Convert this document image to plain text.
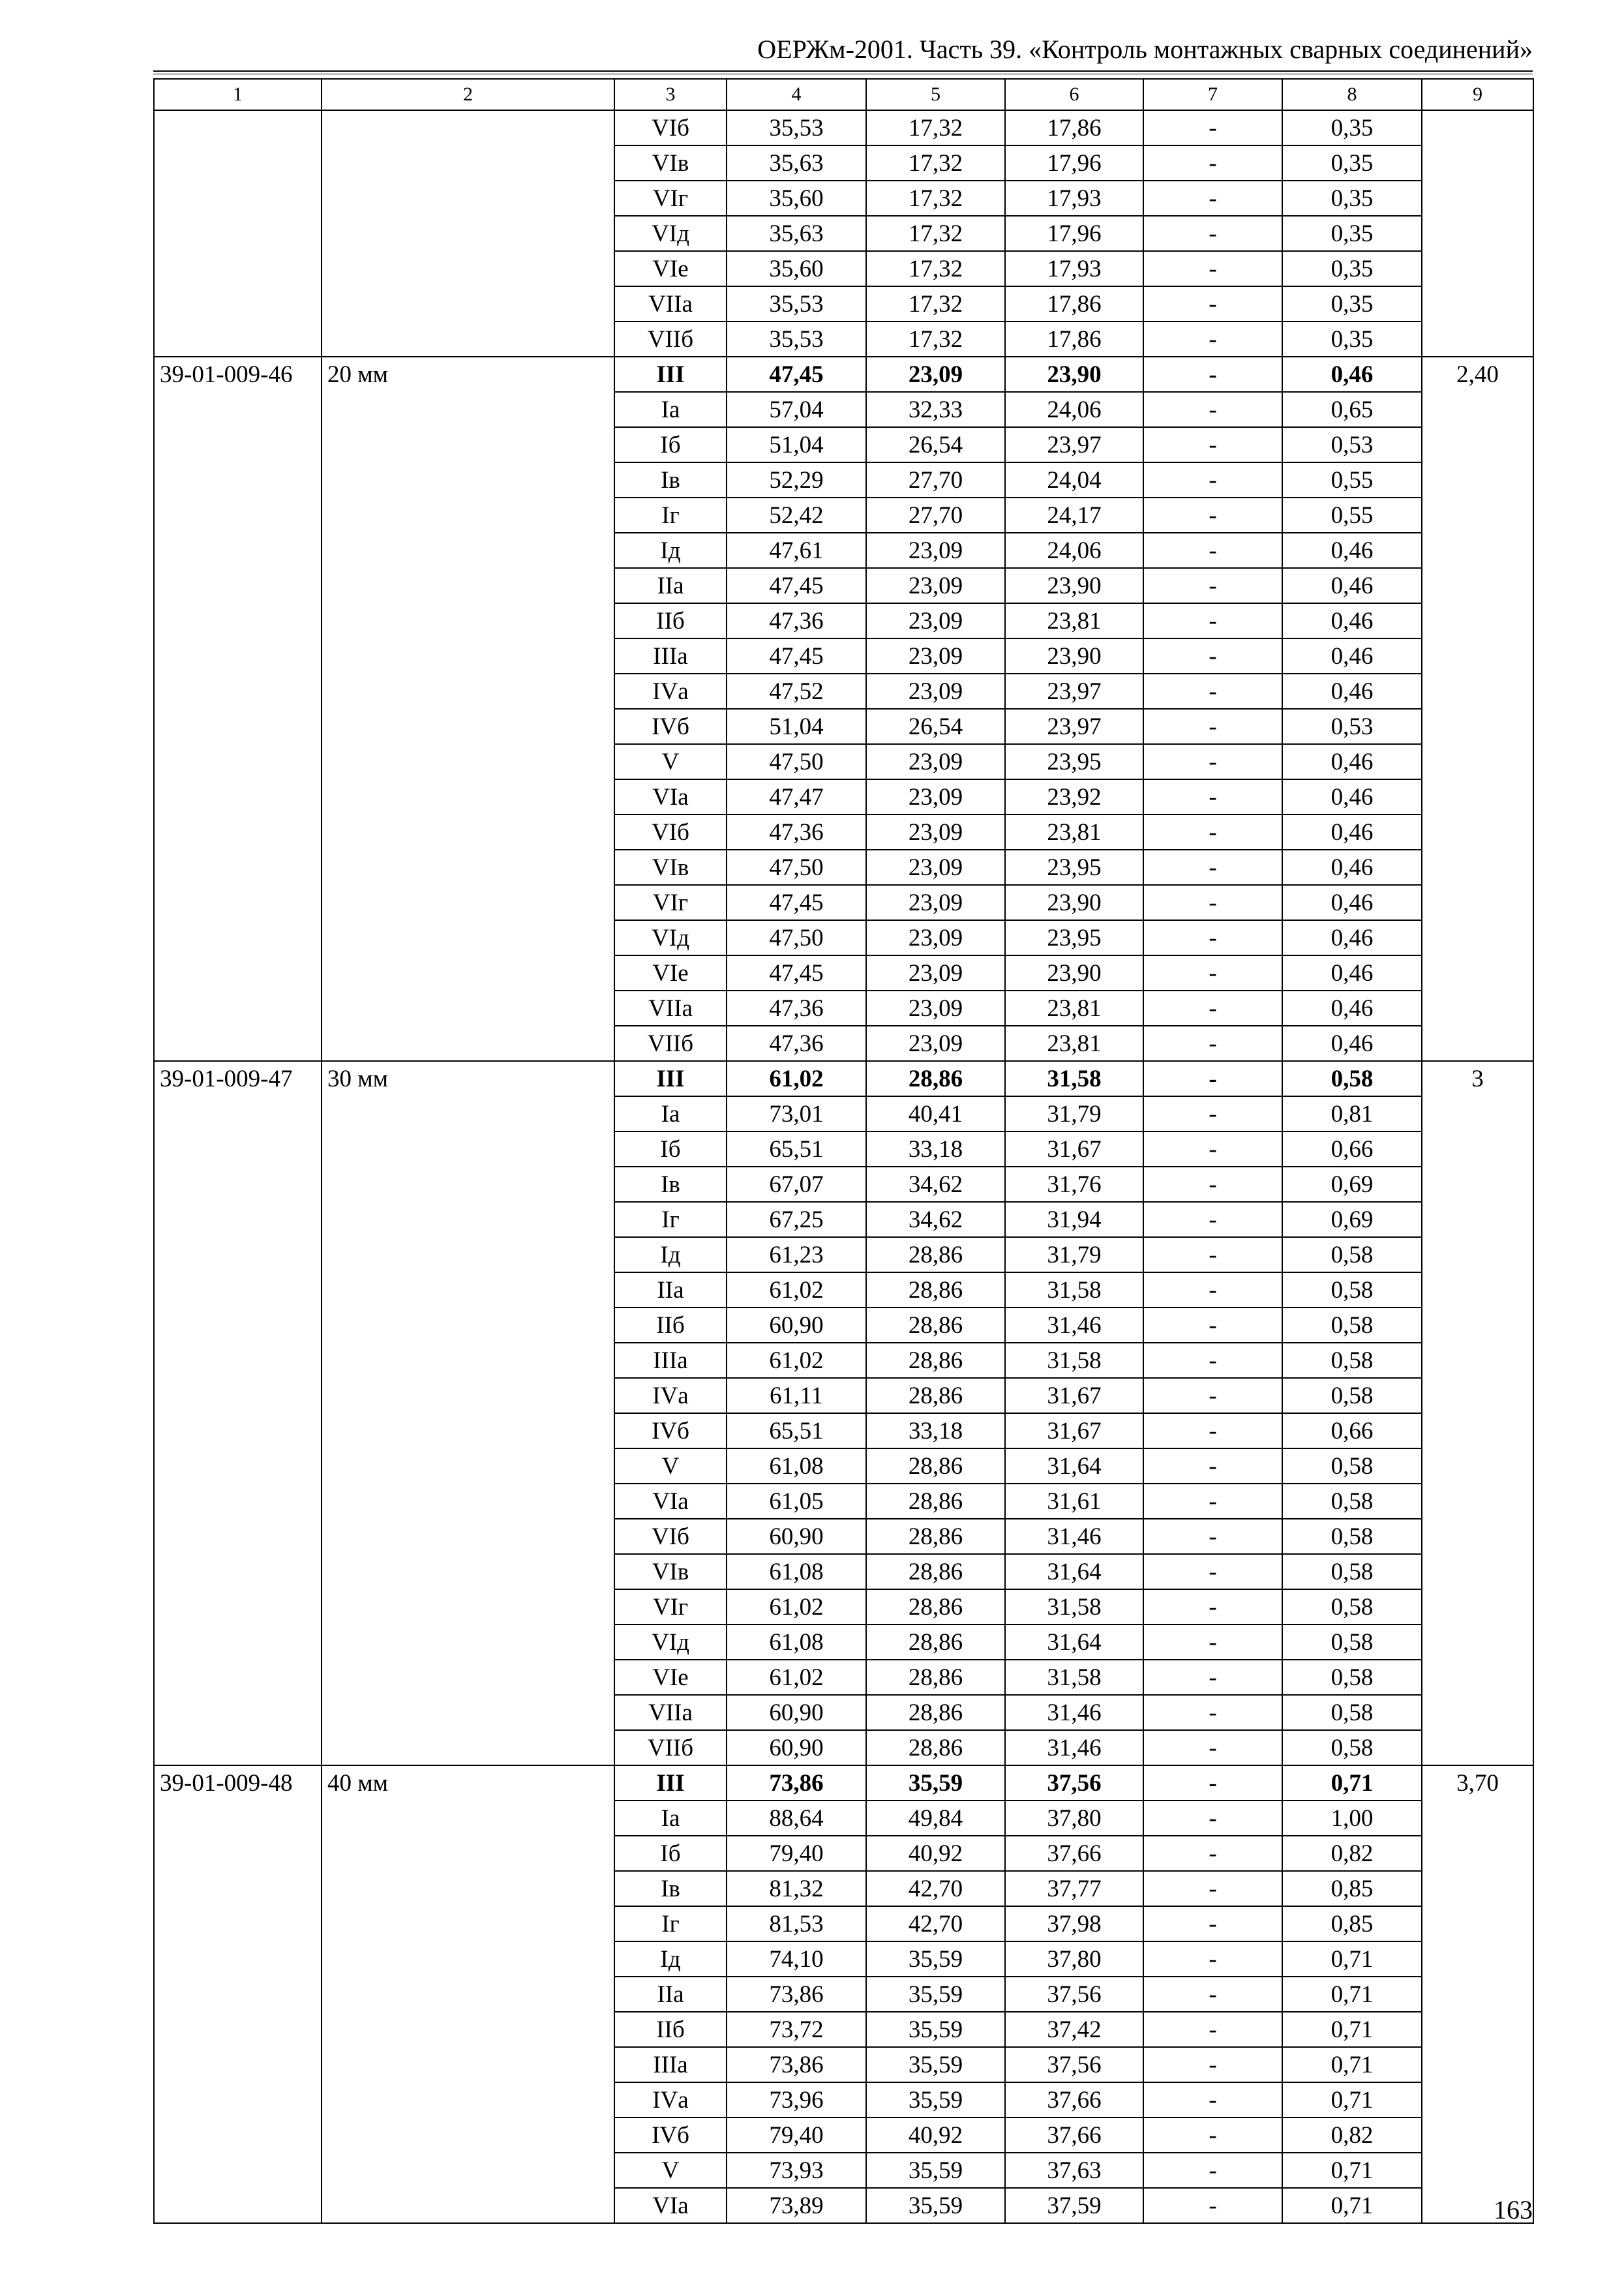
ОЕРЖм-2001. Часть 39. «Контроль монтажных сварных соединений»
1	2	3	4	5	6	7	8	9
		VIб	35,53	17,32	17,86	-	0,35	
		VIв	35,63	17,32	17,96	-	0,35	
		VIг	35,60	17,32	17,93	-	0,35	
		VIд	35,63	17,32	17,96	-	0,35	
		VIе	35,60	17,32	17,93	-	0,35	
		VIIа	35,53	17,32	17,86	-	0,35	
		VIIб	35,53	17,32	17,86	-	0,35	
39-01-009-46	20 мм	III	47,45	23,09	23,90	-	0,46	2,40
		Iа	57,04	32,33	24,06	-	0,65	
		Iб	51,04	26,54	23,97	-	0,53	
		Iв	52,29	27,70	24,04	-	0,55	
		Iг	52,42	27,70	24,17	-	0,55	
		Iд	47,61	23,09	24,06	-	0,46	
		IIа	47,45	23,09	23,90	-	0,46	
		IIб	47,36	23,09	23,81	-	0,46	
		IIIа	47,45	23,09	23,90	-	0,46	
		IVа	47,52	23,09	23,97	-	0,46	
		IVб	51,04	26,54	23,97	-	0,53	
		V	47,50	23,09	23,95	-	0,46	
		VIа	47,47	23,09	23,92	-	0,46	
		VIб	47,36	23,09	23,81	-	0,46	
		VIв	47,50	23,09	23,95	-	0,46	
		VIг	47,45	23,09	23,90	-	0,46	
		VIд	47,50	23,09	23,95	-	0,46	
		VIе	47,45	23,09	23,90	-	0,46	
		VIIа	47,36	23,09	23,81	-	0,46	
		VIIб	47,36	23,09	23,81	-	0,46	
39-01-009-47	30 мм	III	61,02	28,86	31,58	-	0,58	3
		Iа	73,01	40,41	31,79	-	0,81	
		Iб	65,51	33,18	31,67	-	0,66	
		Iв	67,07	34,62	31,76	-	0,69	
		Iг	67,25	34,62	31,94	-	0,69	
		Iд	61,23	28,86	31,79	-	0,58	
		IIа	61,02	28,86	31,58	-	0,58	
		IIб	60,90	28,86	31,46	-	0,58	
		IIIа	61,02	28,86	31,58	-	0,58	
		IVа	61,11	28,86	31,67	-	0,58	
		IVб	65,51	33,18	31,67	-	0,66	
		V	61,08	28,86	31,64	-	0,58	
		VIа	61,05	28,86	31,61	-	0,58	
		VIб	60,90	28,86	31,46	-	0,58	
		VIв	61,08	28,86	31,64	-	0,58	
		VIг	61,02	28,86	31,58	-	0,58	
		VIд	61,08	28,86	31,64	-	0,58	
		VIе	61,02	28,86	31,58	-	0,58	
		VIIа	60,90	28,86	31,46	-	0,58	
		VIIб	60,90	28,86	31,46	-	0,58	
39-01-009-48	40 мм	III	73,86	35,59	37,56	-	0,71	3,70
		Iа	88,64	49,84	37,80	-	1,00	
		Iб	79,40	40,92	37,66	-	0,82	
		Iв	81,32	42,70	37,77	-	0,85	
		Iг	81,53	42,70	37,98	-	0,85	
		Iд	74,10	35,59	37,80	-	0,71	
		IIа	73,86	35,59	37,56	-	0,71	
		IIб	73,72	35,59	37,42	-	0,71	
		IIIа	73,86	35,59	37,56	-	0,71	
		IVа	73,96	35,59	37,66	-	0,71	
		IVб	79,40	40,92	37,66	-	0,82	
		V	73,93	35,59	37,63	-	0,71	
		VIа	73,89	35,59	37,59	-	0,71		163
